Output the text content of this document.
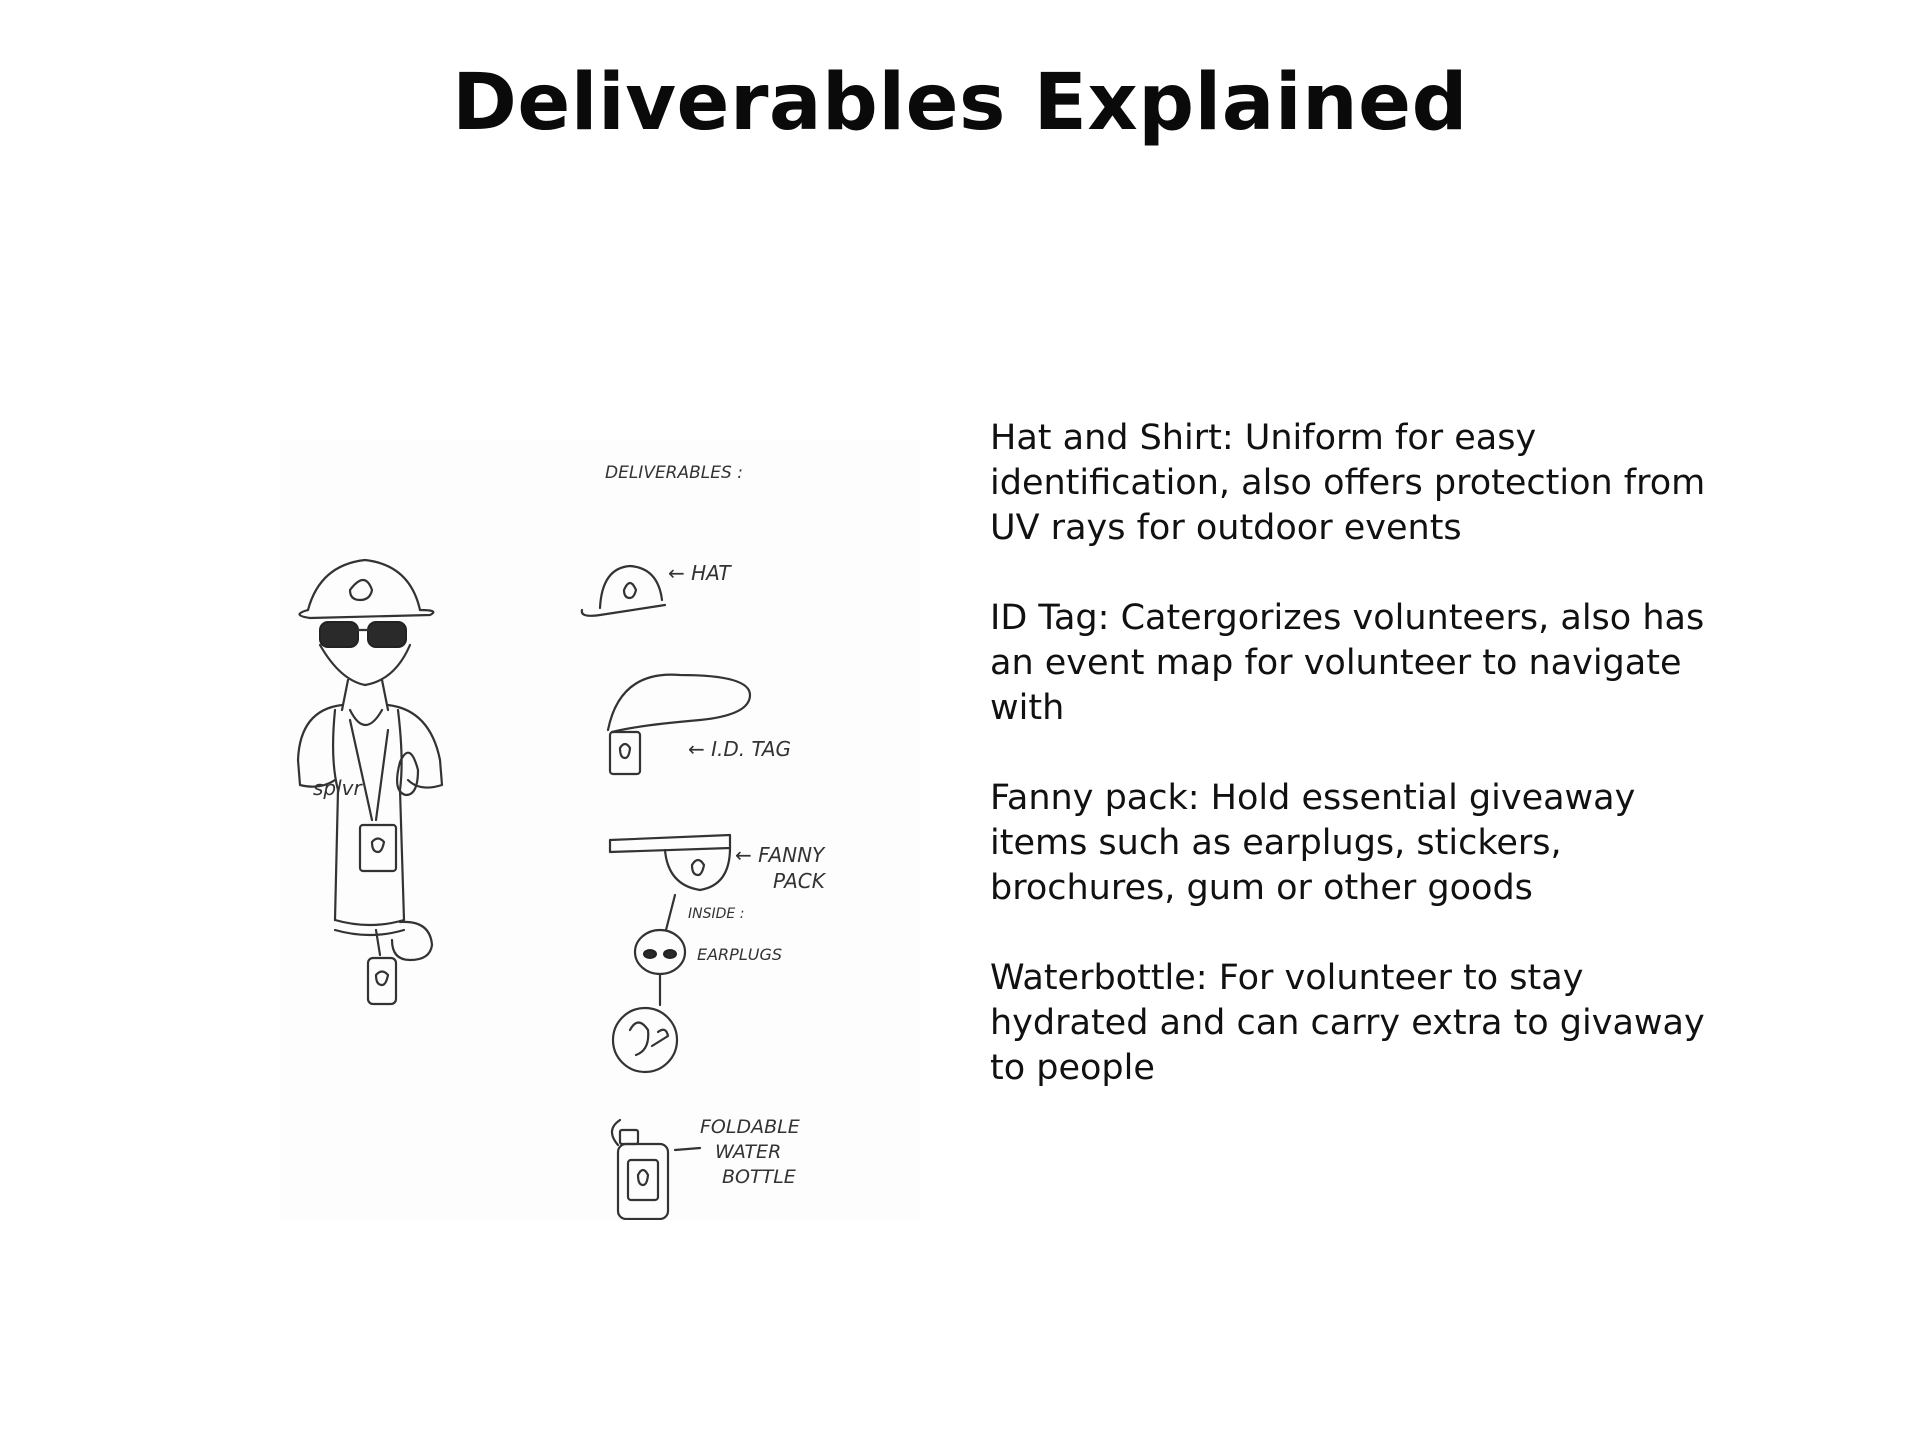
Deliverables Explained
splvr
DELIVERABLES :
← HAT
← I.D. TAG
← FANNY
PACK
INSIDE :
EARPLUGS
FOLDABLE
WATER
BOTTLE

Hat and Shirt: Uniform for easy identification, also offers protection from UV rays for outdoor events

ID Tag: Catergorizes volunteers, also has an event map for volunteer to navigate with

Fanny pack: Hold essential giveaway items such as earplugs, stickers, brochures, gum or other goods

Waterbottle: For volunteer to stay hydrated and can carry extra to givaway to people
